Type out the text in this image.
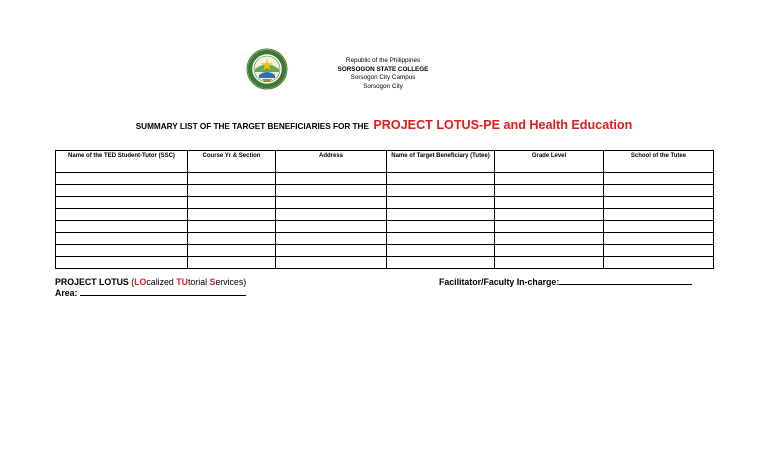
Republic of the Philippines
SORSOGON STATE COLLEGE
Sorsogon City Campus
Sorsogon City
SUMMARY LIST OF THE TARGET BENEFICIARIES FOR THE PROJECT LOTUS-PE and Health Education
Name of the TED Student-Tutor (SSC)	Course Yr & Section	Address	Name of Target Beneficiary (Tutee)	Grade Level	School of the Tutee

PROJECT LOTUS (LOcalized TUtorial Services)
Area:
Facilitator/Faculty In-charge:
